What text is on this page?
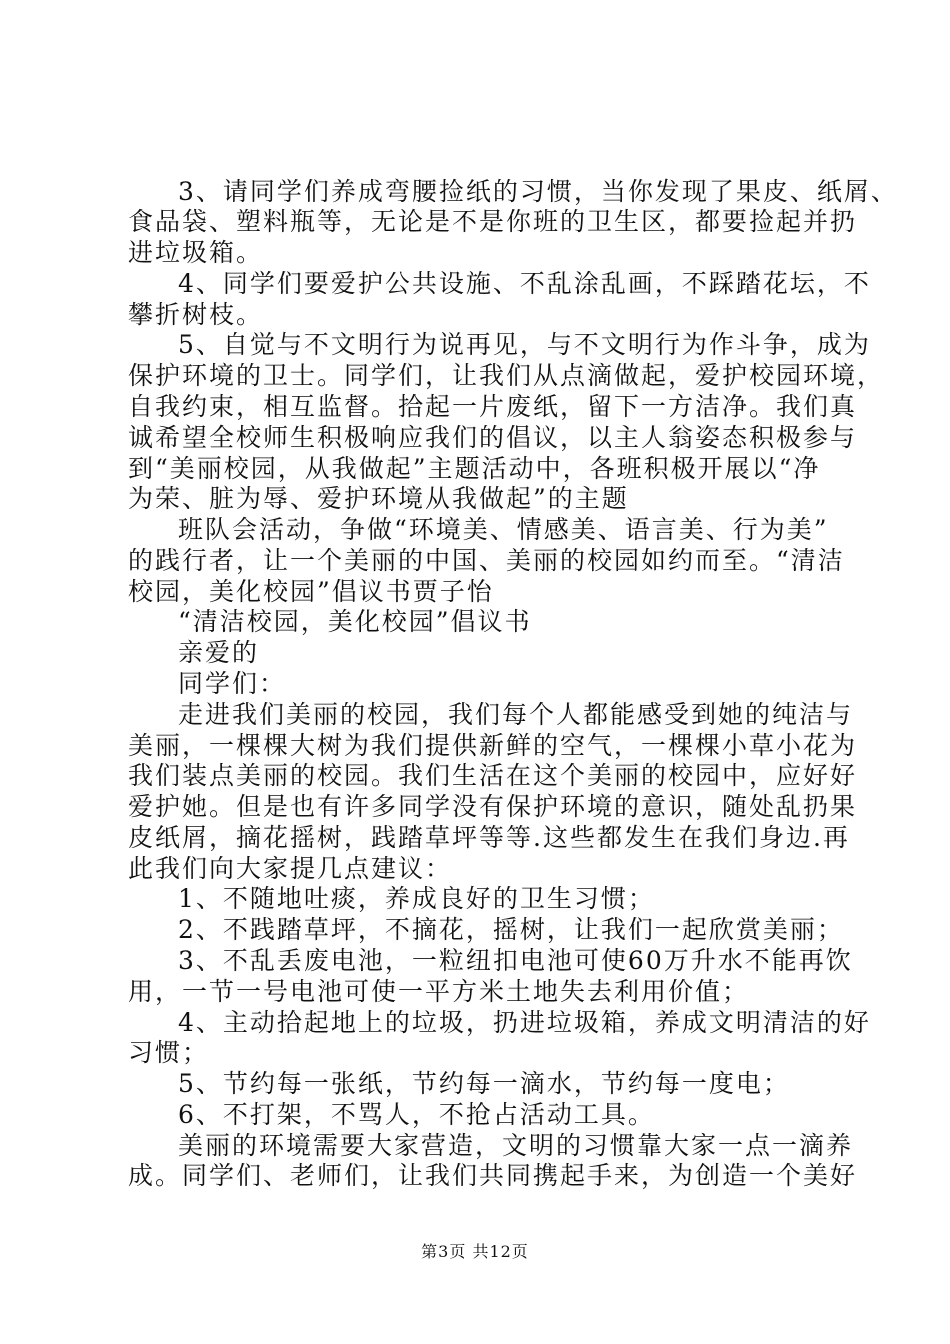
3、请同学们养成弯腰捡纸的习惯，当你发现了果皮、纸屑、
食品袋、塑料瓶等，无论是不是你班的卫生区，都要捡起并扔
进垃圾箱。
4、同学们要爱护公共设施、不乱涂乱画，不踩踏花坛，不
攀折树枝。
5、自觉与不文明行为说再见，与不文明行为作斗争，成为
保护环境的卫士。同学们，让我们从点滴做起，爱护校园环境，
自我约束，相互监督。拾起一片废纸，留下一方洁净。我们真
诚希望全校师生积极响应我们的倡议，以主人翁姿态积极参与
到“美丽校园，从我做起”主题活动中，各班积极开展以“净
为荣、脏为辱、爱护环境从我做起”的主题
班队会活动，争做“环境美、情感美、语言美、行为美”
的践行者，让一个美丽的中国、美丽的校园如约而至。“清洁
校园，美化校园”倡议书贾子怡
“清洁校园，美化校园”倡议书
亲爱的
同学们：
走进我们美丽的校园，我们每个人都能感受到她的纯洁与
美丽，一棵棵大树为我们提供新鲜的空气，一棵棵小草小花为
我们装点美丽的校园。我们生活在这个美丽的校园中，应好好
爱护她。但是也有许多同学没有保护环境的意识，随处乱扔果
皮纸屑，摘花摇树，践踏草坪等等.这些都发生在我们身边.再
此我们向大家提几点建议：
1、不随地吐痰，养成良好的卫生习惯；
2、不践踏草坪，不摘花，摇树，让我们一起欣赏美丽；
3、不乱丢废电池，一粒纽扣电池可使60万升水不能再饮
用，一节一号电池可使一平方米土地失去利用价值；
4、主动拾起地上的垃圾，扔进垃圾箱，养成文明清洁的好
习惯；
5、节约每一张纸，节约每一滴水，节约每一度电；
6、不打架，不骂人，不抢占活动工具。
美丽的环境需要大家营造，文明的习惯靠大家一点一滴养
成。同学们、老师们，让我们共同携起手来，为创造一个美好
第3页 共12页
